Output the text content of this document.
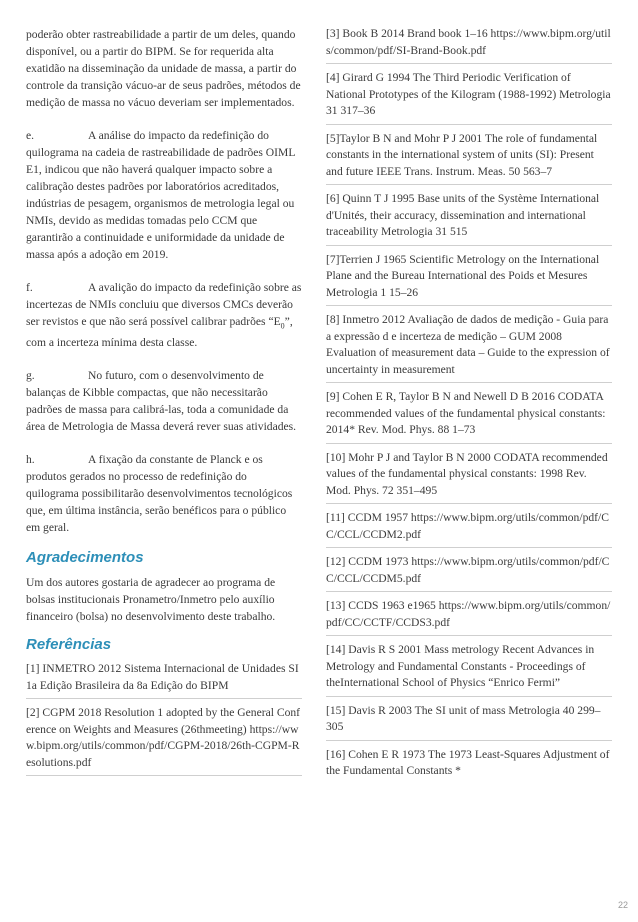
poderão obter rastreabilidade a partir de um deles, quando disponível, ou a partir do BIPM. Se for requerida alta exatidão na disseminação da unidade de massa, a partir do controle da transição vácuo-ar de seus padrões, métodos de medição de massa no vácuo deveriam ser implementados.

e.	A análise do impacto da redefinição do quilograma na cadeia de rastreabilidade de padrões OIML E1, indicou que não haverá qualquer impacto sobre a calibração destes padrões por laboratórios acreditados, indústrias de pesagem, organismos de metrologia legal ou NMIs, devido as medidas tomadas pelo CCM que garantirão a continuidade e uniformidade da unidade de massa após a adoção em 2019.

f.	A avalição do impacto da redefinição sobre as incertezas de NMIs concluiu que diversos CMCs deverão ser revistos e que não será possível calibrar padrões “$E_0$”, com a incerteza mínima desta classe.

g.	No futuro, com o desenvolvimento de balanças de Kibble compactas, que não necessitarão padrões de massa para calibrá-las, toda a comunidade da área de Metrologia de Massa deverá rever suas atividades.

h.	A fixação da constante de Planck e os produtos gerados no processo de redefinição do quilograma possibilitarão desenvolvimentos tecnológicos que, em última instância, serão benéficos para o público em geral.

Agradecimentos

Um dos autores gostaria de agradecer ao programa de bolsas institucionais Pronametro/Inmetro pelo auxílio financeiro (bolsa) no desenvolvimento deste trabalho.

Referências

[1] INMETRO 2012 Sistema Internacional de Unidades SI 1a Edição Brasileira da 8a Edição do BIPM

[2] CGPM 2018 Resolution 1 adopted by the General Conference on Weights and Measures (26thmeeting) https://www.bipm.org/utils/common/pdf/CGPM-2018/26th-CGPM-Resolutions.pdf

[3] Book B 2014 Brand book 1–16 https://www.bipm.org/utils/common/pdf/SI-Brand-Book.pdf

[4] Girard G 1994 The Third Periodic Verification of National Prototypes of the Kilogram (1988-1992) Metrologia 31 317–36

[5]Taylor B N and Mohr P J 2001 The role of fundamental constants in the international system of units (SI): Present and future IEEE Trans. Instrum. Meas. 50 563–7

[6] Quinn T J 1995 Base units of the Système International d'Unités, their accuracy, dissemination and international traceability Metrologia 31 515

[7]Terrien J 1965 Scientific Metrology on the International Plane and the Bureau International des Poids et Mesures Metrologia 1 15–26

[8] Inmetro 2012 Avaliação de dados de medição - Guia para a expressão d e incerteza de medição – GUM 2008 Evaluation of measurement data – Guide to the expression of uncertainty in measurement

[9] Cohen E R, Taylor B N and Newell D B 2016 CODATA recommended values of the fundamental physical constants: 2014* Rev. Mod. Phys. 88 1–73

[10] Mohr P J and Taylor B N 2000 CODATA recommended values of the fundamental physical constants: 1998 Rev. Mod. Phys. 72 351–495

[11] CCDM 1957 https://www.bipm.org/utils/common/pdf/CC/CCL/CCDM2.pdf

[12] CCDM 1973 https://www.bipm.org/utils/common/pdf/CC/CCL/CCDM5.pdf

[13] CCDS 1963 e1965 https://www.bipm.org/utils/common/pdf/CC/CCTF/CCDS3.pdf

[14] Davis R S 2001 Mass metrology Recent Advances in Metrology and Fundamental Constants - Proceedings of theInternational School of Physics “Enrico Fermi”

[15] Davis R 2003 The SI unit of mass Metrologia 40 299–305

[16] Cohen E R 1973 The 1973 Least-Squares Adjustment of the Fundamental Constants *

22
